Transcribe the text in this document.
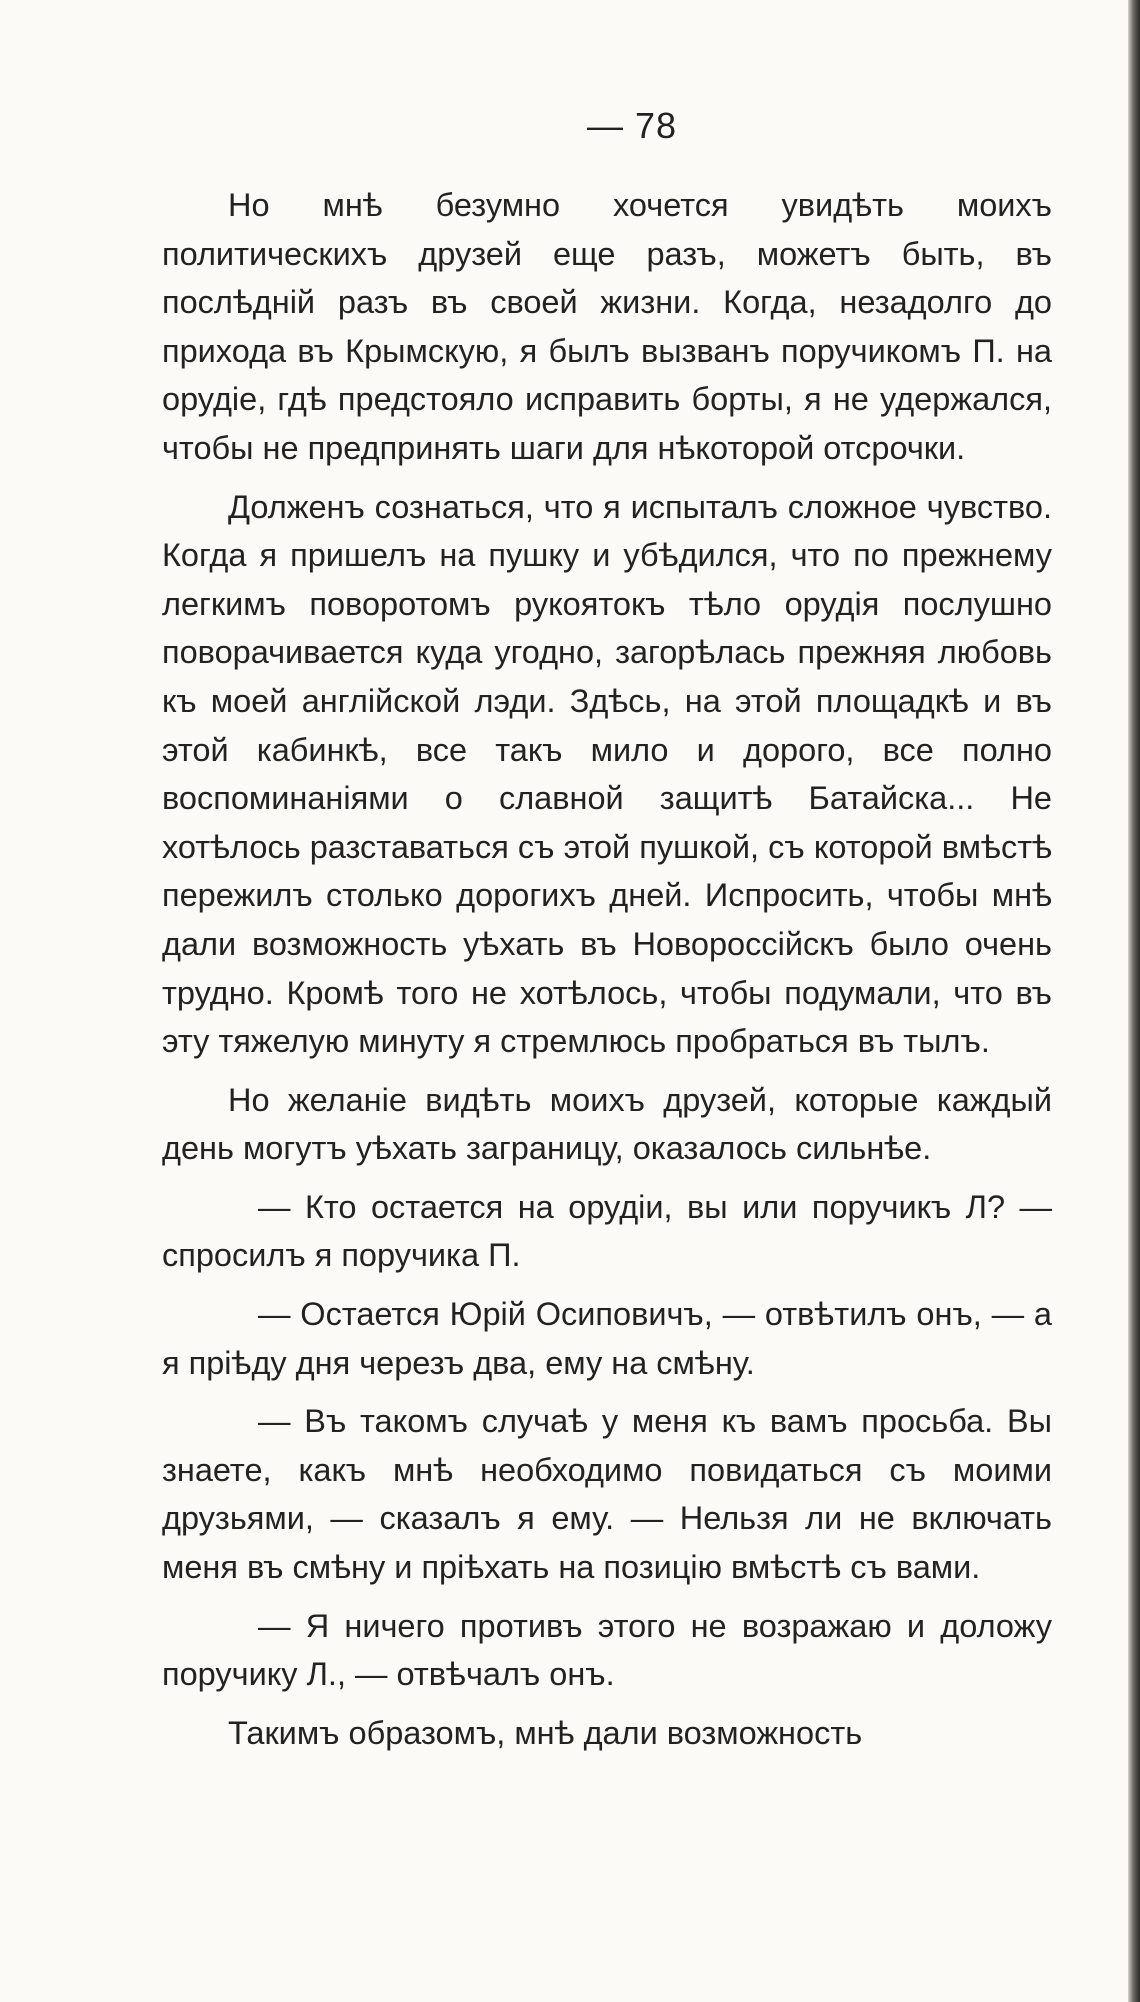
— 78

Но мнѣ безумно хочется увидѣть моихъ политическихъ друзей еще разъ, можетъ быть, въ послѣднiй разъ въ своей жизни. Когда, незадолго до прихода въ Крымскую, я былъ вызванъ поручикомъ П. на орудiе, гдѣ предстояло исправить борты, я не удержался, чтобы не предпринять шаги для нѣкоторой отсрочки.

Долженъ сознаться, что я испыталъ сложное чувство. Когда я пришелъ на пушку и убѣдился, что по прежнему легкимъ поворотомъ рукоятокъ тѣло орудiя послушно поворачивается куда угодно, загорѣлась прежняя любовь къ моей англiйской лэди. Здѣсь, на этой площадкѣ и въ этой кабинкѣ, все такъ мило и дорого, все полно воспоминанiями о славной защитѣ Батайска... Не хотѣлось разставаться съ этой пушкой, съ которой вмѣстѣ пережилъ столько дорогихъ дней. Испросить, чтобы мнѣ дали возможность уѣхать въ Новороссiйскъ было очень трудно. Кромѣ того не хотѣлось, чтобы подумали, что въ эту тяжелую минуту я стремлюсь пробраться въ тылъ.

Но желанiе видѣть моихъ друзей, которые каждый день могутъ уѣхать заграницу, оказалось сильнѣе.

— Кто остается на орудiи, вы или поручикъ Л? — спросилъ я поручика П.

— Остается Юрiй Осиповичъ, — отвѣтилъ онъ, — а я прiѣду дня черезъ два, ему на смѣну.

— Въ такомъ случаѣ у меня къ вамъ просьба. Вы знаете, какъ мнѣ необходимо повидаться съ моими друзьями, — сказалъ я ему. — Нельзя ли не включать меня въ смѣну и прiѣхать на позицiю вмѣстѣ съ вами.

— Я ничего противъ этого не возражаю и доложу поручику Л., — отвѣчалъ онъ.

Такимъ образомъ, мнѣ дали возможность
